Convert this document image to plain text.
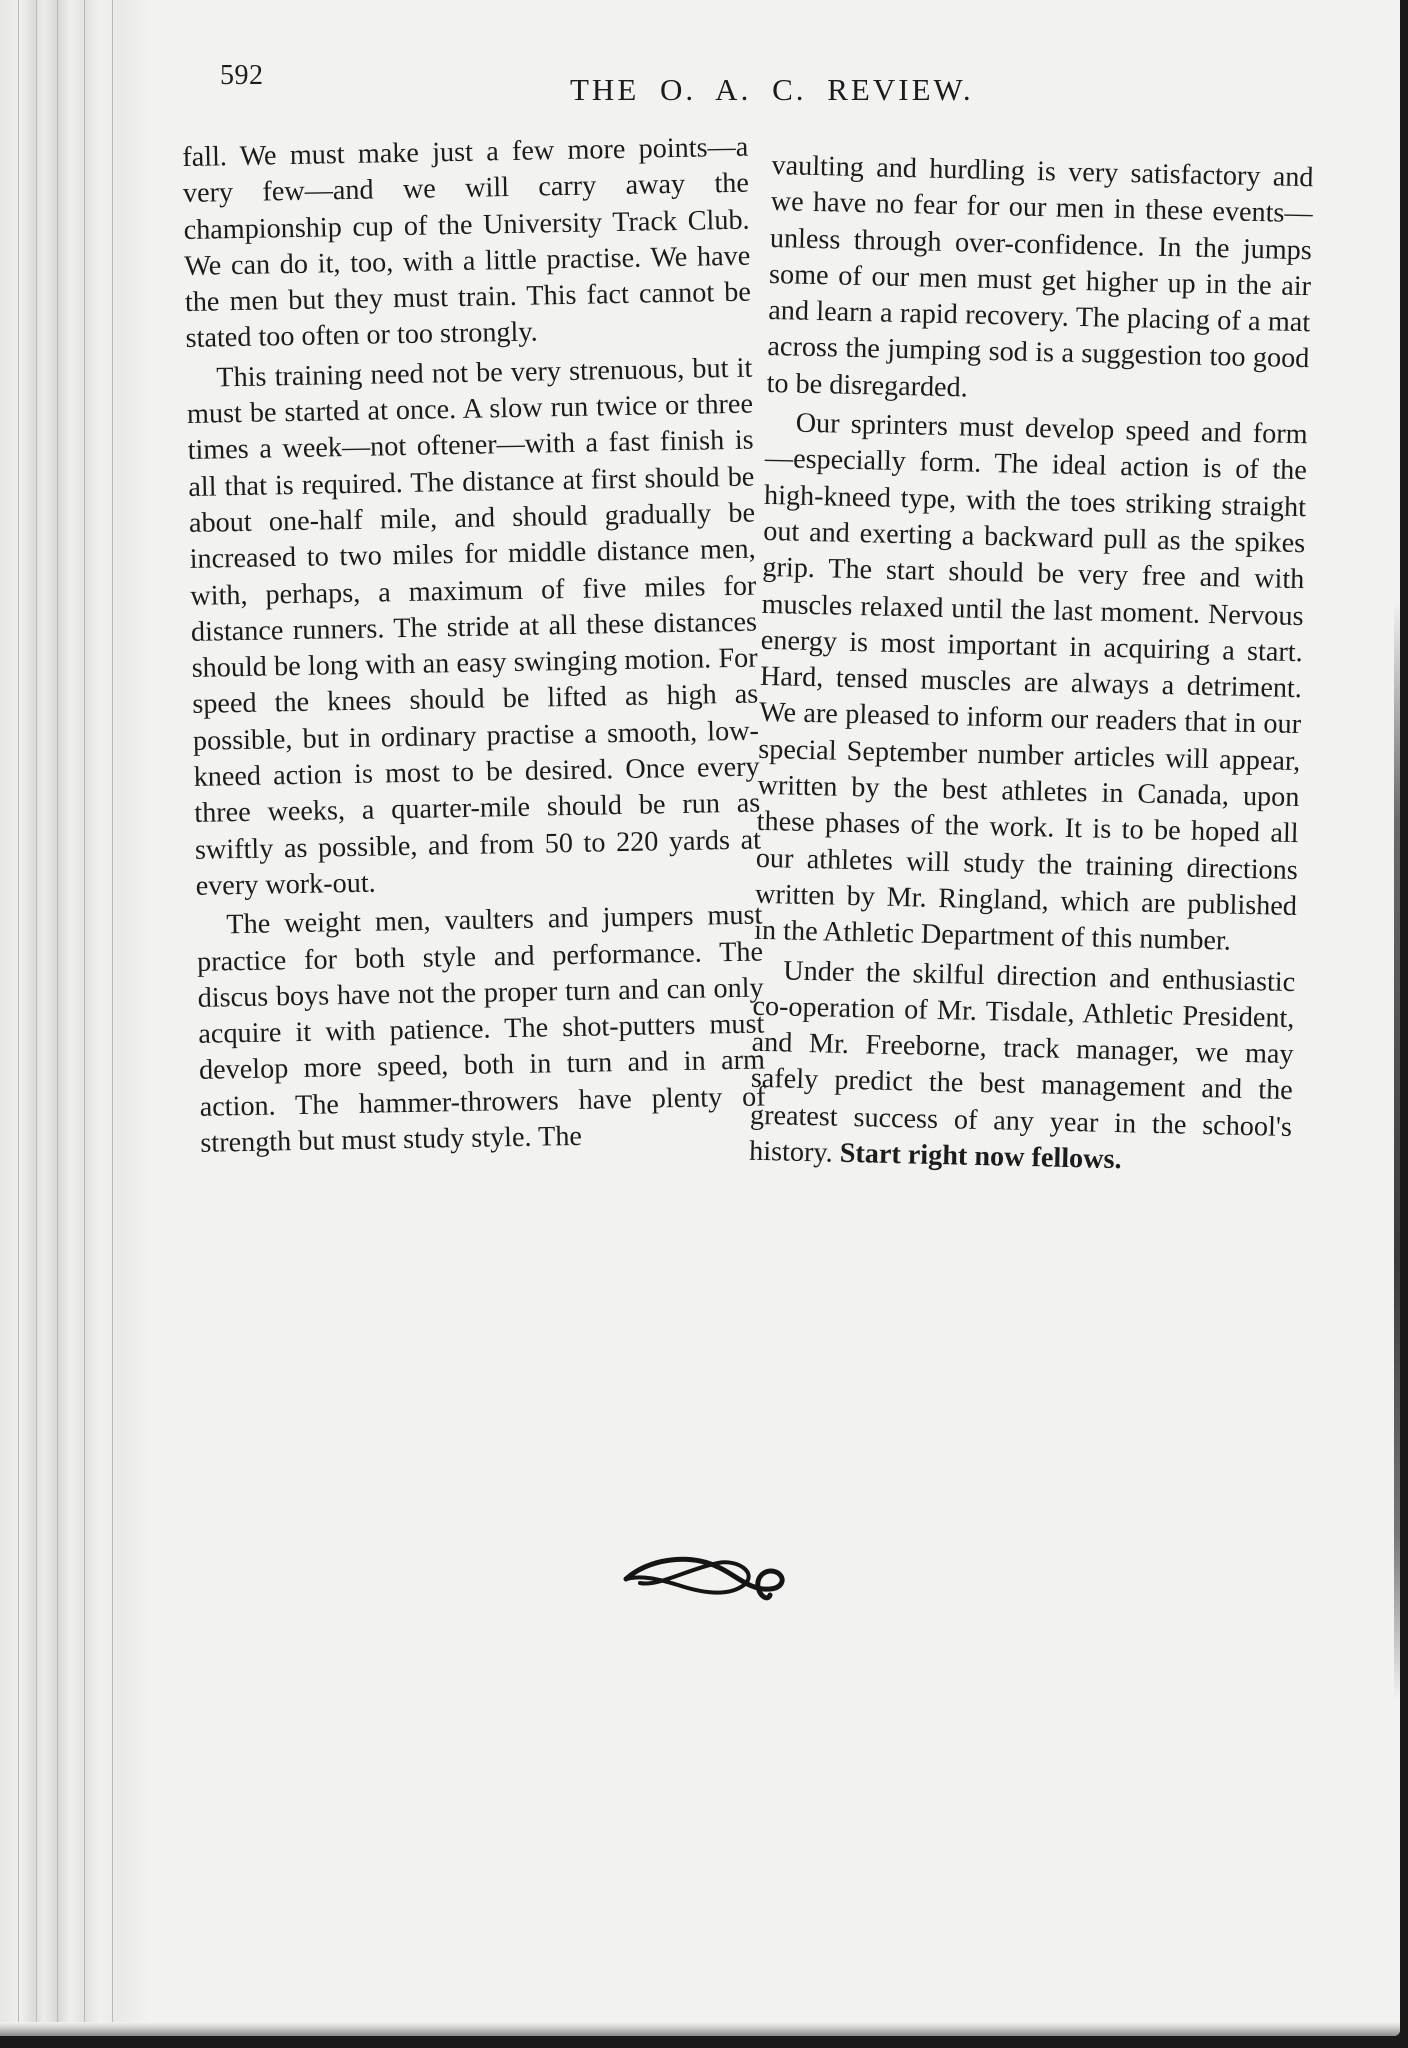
592	THE O. A. C. REVIEW.

fall. We must make just a few more points—a very few—and we will carry away the championship cup of the University Track Club. We can do it, too, with a little practise. We have the men but they must train. This fact cannot be stated too often or too strongly.

This training need not be very strenuous, but it must be started at once. A slow run twice or three times a week—not oftener—with a fast finish is all that is required. The distance at first should be about one-half mile, and should gradually be increased to two miles for middle distance men, with, perhaps, a maximum of five miles for distance runners. The stride at all these distances should be long with an easy swinging motion. For speed the knees should be lifted as high as possible, but in ordinary practise a smooth, low-kneed action is most to be desired. Once every three weeks, a quarter-mile should be run as swiftly as possible, and from 50 to 220 yards at every work-out.

The weight men, vaulters and jumpers must practice for both style and performance. The discus boys have not the proper turn and can only acquire it with patience. The shot-putters must develop more speed, both in turn and in arm action. The hammer-throwers have plenty of strength but must study style. The

vaulting and hurdling is very satisfactory and we have no fear for our men in these events—unless through over-confidence. In the jumps some of our men must get higher up in the air and learn a rapid recovery. The placing of a mat across the jumping sod is a suggestion too good to be disregarded.

Our sprinters must develop speed and form—especially form. The ideal action is of the high-kneed type, with the toes striking straight out and exerting a backward pull as the spikes grip. The start should be very free and with muscles relaxed until the last moment. Nervous energy is most important in acquiring a start. Hard, tensed muscles are always a detriment. We are pleased to inform our readers that in our special September number articles will appear, written by the best athletes in Canada, upon these phases of the work. It is to be hoped all our athletes will study the training directions written by Mr. Ringland, which are published in the Athletic Department of this number.

Under the skilful direction and enthusiastic co-operation of Mr. Tisdale, Athletic President, and Mr. Freeborne, track manager, we may safely predict the best management and the greatest success of any year in the school's history. Start right now fellows.
